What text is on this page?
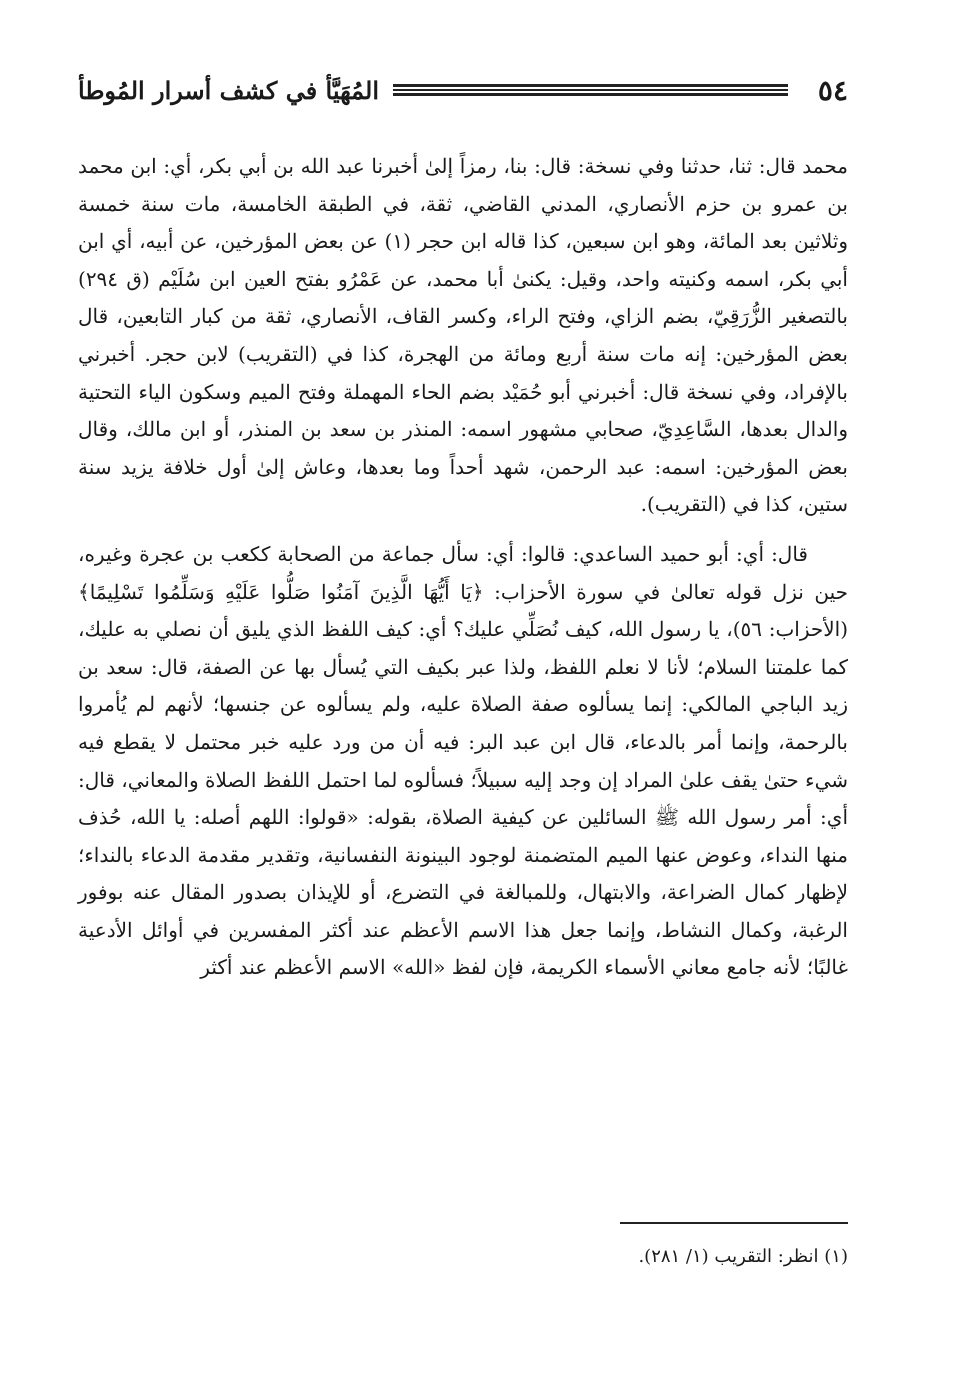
٥٤
المُهَيَّأ في كشف أسرار المُوطأ

محمد قال: ثنا، حدثنا وفي نسخة: قال: بنا، رمزاً إلىٰ أخبرنا عبد الله بن أبي بكر، أي: ابن محمد بن عمرو بن حزم الأنصاري، المدني القاضي، ثقة، في الطبقة الخامسة، مات سنة خمسة وثلاثين بعد المائة، وهو ابن سبعين، كذا قاله ابن حجر (١) عن بعض المؤرخين، عن أبيه، أي ابن أبي بكر، اسمه وكنيته واحد، وقيل: يكنىٰ أبا محمد، عن عَمْرُو بفتح العين ابن سُلَيْم (ق ٢٩٤) بالتصغير الزُّرَقِيّ، بضم الزاي، وفتح الراء، وكسر القاف، الأنصاري، ثقة من كبار التابعين، قال بعض المؤرخين: إنه مات سنة أربع ومائة من الهجرة، كذا في (التقريب) لابن حجر. أخبرني بالإفراد، وفي نسخة قال: أخبرني أبو حُمَيْد بضم الحاء المهملة وفتح الميم وسكون الياء التحتية والدال بعدها، السَّاعِدِيّ، صحابي مشهور اسمه: المنذر بن سعد بن المنذر، أو ابن مالك، وقال بعض المؤرخين: اسمه: عبد الرحمن، شهد أحداً وما بعدها، وعاش إلىٰ أول خلافة يزيد سنة ستين، كذا في (التقريب).

قال: أي: أبو حميد الساعدي: قالوا: أي: سأل جماعة من الصحابة ككعب بن عجرة وغيره، حين نزل قوله تعالىٰ في سورة الأحزاب: ﴿يَا أَيُّهَا الَّذِينَ آمَنُوا صَلُّوا عَلَيْهِ وَسَلِّمُوا تَسْلِيمًا﴾ (الأحزاب: ٥٦)، يا رسول الله، كيف نُصَلِّي عليك؟ أي: كيف اللفظ الذي يليق أن نصلي به عليك، كما علمتنا السلام؛ لأنا لا نعلم اللفظ، ولذا عبر بكيف التي يُسأل بها عن الصفة، قال: سعد بن زيد الباجي المالكي: إنما يسألوه صفة الصلاة عليه، ولم يسألوه عن جنسها؛ لأنهم لم يُأمروا بالرحمة، وإنما أمر بالدعاء، قال ابن عبد البر: فيه أن من ورد عليه خبر محتمل لا يقطع فيه شيء حتىٰ يقف علىٰ المراد إن وجد إليه سبيلاً؛ فسألوه لما احتمل اللفظ الصلاة والمعاني، قال: أي: أمر رسول الله ﷺ السائلين عن كيفية الصلاة، بقوله: «قولوا: اللهم أصله: يا الله، حُذف منها النداء، وعوض عنها الميم المتضمنة لوجود البينونة النفسانية، وتقدير مقدمة الدعاء بالنداء؛ لإظهار كمال الضراعة، والابتهال، وللمبالغة في التضرع، أو للإيذان بصدور المقال عنه بوفور الرغبة، وكمال النشاط، وإنما جعل هذا الاسم الأعظم عند أكثر المفسرين في أوائل الأدعية غالبًا؛ لأنه جامع معاني الأسماء الكريمة، فإن لفظ «الله» الاسم الأعظم عند أكثر

(١) انظر: التقريب (١/ ٢٨١).
